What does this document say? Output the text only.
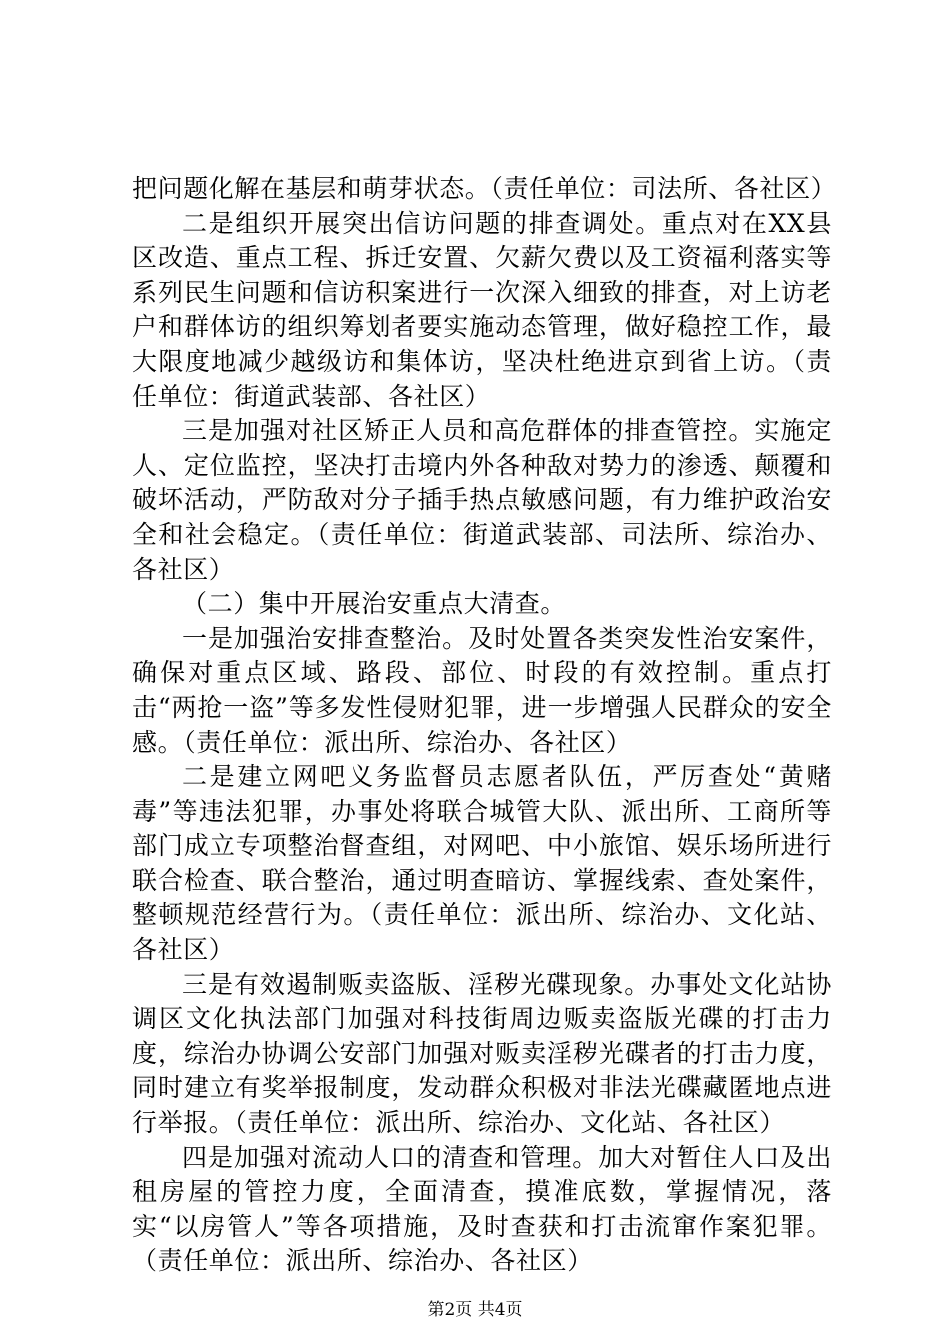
把问题化解在基层和萌芽状态。（责任单位：司法所、各社区）

二是组织开展突出信访问题的排查调处。重点对在XX县区改造、重点工程、拆迁安置、欠薪欠费以及工资福利落实等系列民生问题和信访积案进行一次深入细致的排查，对上访老户和群体访的组织筹划者要实施动态管理，做好稳控工作，最大限度地减少越级访和集体访，坚决杜绝进京到省上访。（责任单位：街道武装部、各社区）

三是加强对社区矫正人员和高危群体的排查管控。实施定人、定位监控，坚决打击境内外各种敌对势力的渗透、颠覆和破坏活动，严防敌对分子插手热点敏感问题，有力维护政治安全和社会稳定。（责任单位：街道武装部、司法所、综治办、各社区）

（二）集中开展治安重点大清查。

一是加强治安排查整治。及时处置各类突发性治安案件，确保对重点区域、路段、部位、时段的有效控制。重点打击“两抢一盗”等多发性侵财犯罪，进一步增强人民群众的安全感。（责任单位：派出所、综治办、各社区）

二是建立网吧义务监督员志愿者队伍，严厉查处“黄赌毒”等违法犯罪，办事处将联合城管大队、派出所、工商所等部门成立专项整治督查组，对网吧、中小旅馆、娱乐场所进行联合检查、联合整治，通过明查暗访、掌握线索、查处案件，整顿规范经营行为。（责任单位：派出所、综治办、文化站、各社区）

三是有效遏制贩卖盗版、淫秽光碟现象。办事处文化站协调区文化执法部门加强对科技街周边贩卖盗版光碟的打击力度，综治办协调公安部门加强对贩卖淫秽光碟者的打击力度，同时建立有奖举报制度，发动群众积极对非法光碟藏匿地点进行举报。（责任单位：派出所、综治办、文化站、各社区）

四是加强对流动人口的清查和管理。加大对暂住人口及出租房屋的管控力度，全面清查，摸准底数，掌握情况，落实“以房管人”等各项措施，及时查获和打击流窜作案犯罪。（责任单位：派出所、综治办、各社区）

第2页 共4页
